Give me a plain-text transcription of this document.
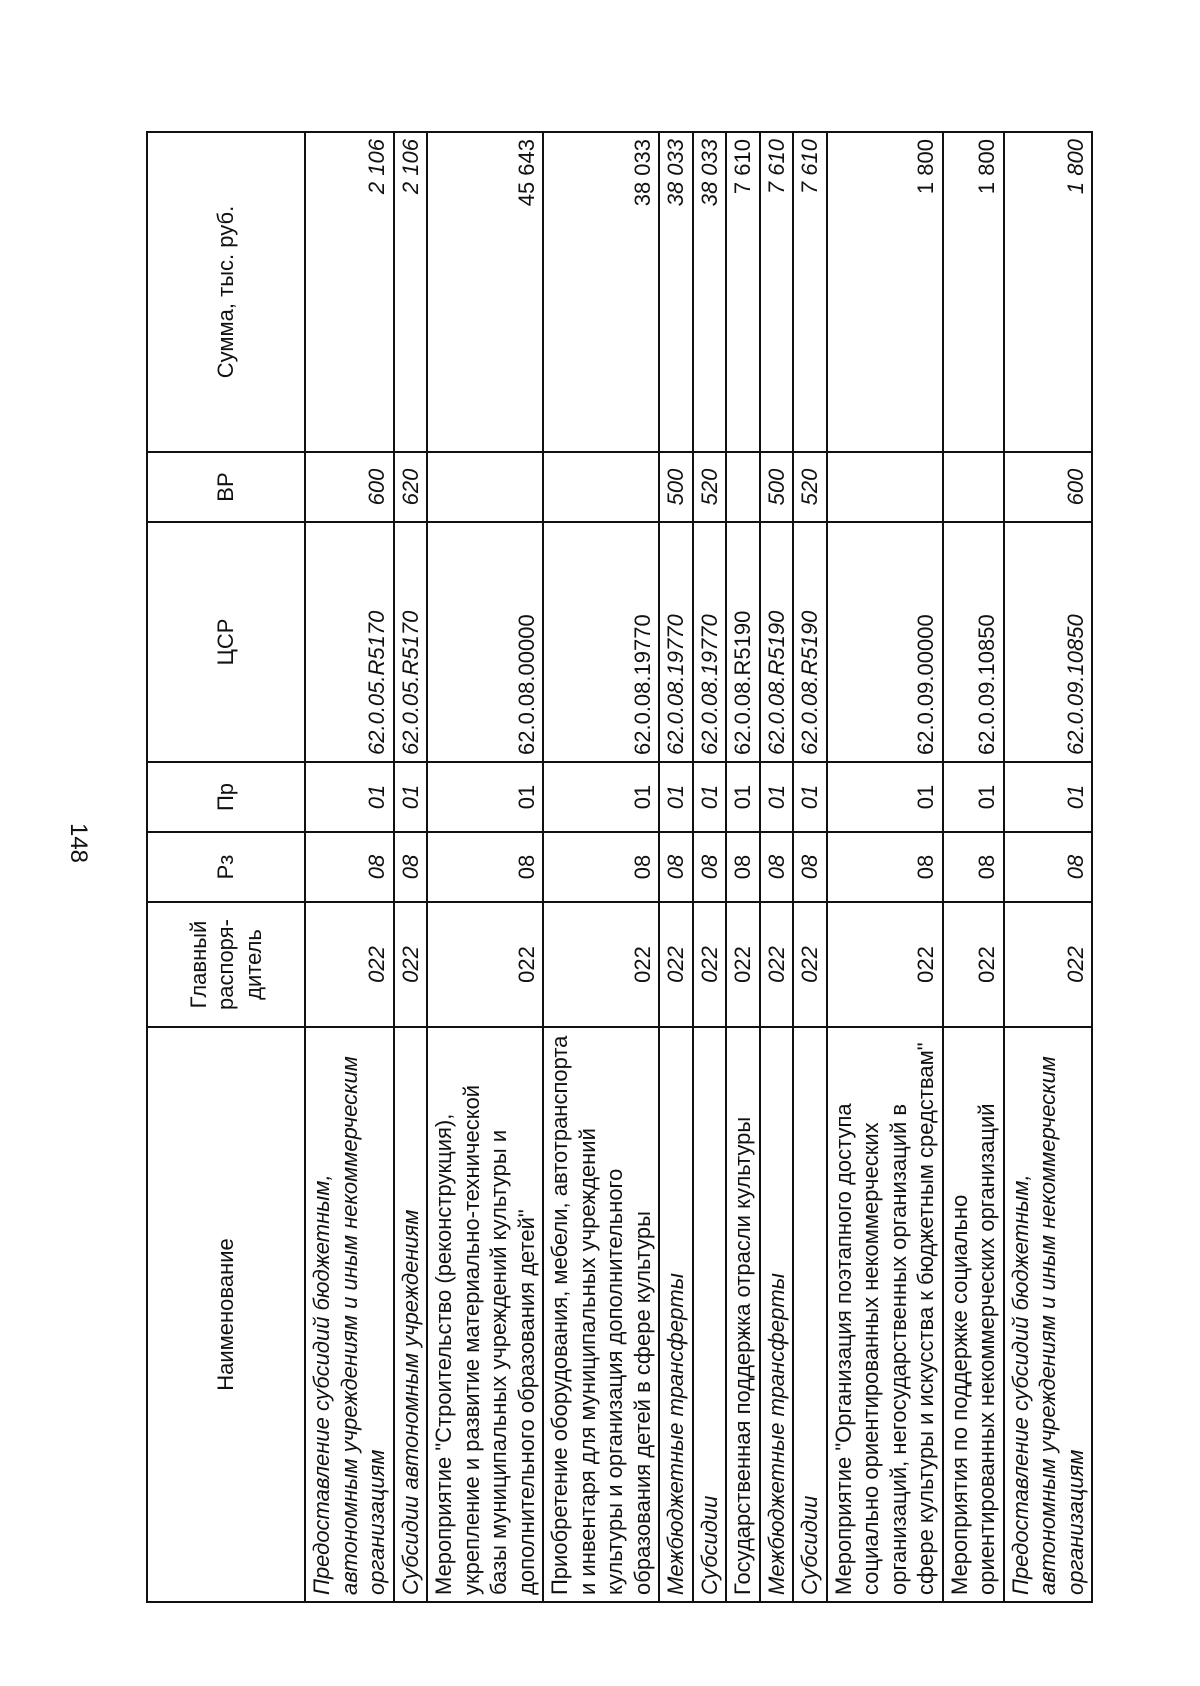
148
Наименование	Главный распоря-дитель	Рз	Пр	ЦСР	ВР	Сумма, тыс. руб.
Предоставление субсидий бюджетным, автономным учреждениям и иным некоммерческим организациям	022	08	01	62.0.05.R5170	600	2 106
Субсидии автономным учреждениям	022	08	01	62.0.05.R5170	620	2 106
Мероприятие "Строительство (реконструкция), укрепление и развитие материально-технической базы муниципальных учреждений культуры и дополнительного образования детей"	022	08	01	62.0.08.00000		45 643
Приобретение оборудования, мебели, автотранспорта и инвентаря для муниципальных учреждений культуры и организация дополнительного образования детей в сфере культуры	022	08	01	62.0.08.19770		38 033
Межбюджетные трансферты	022	08	01	62.0.08.19770	500	38 033
Субсидии	022	08	01	62.0.08.19770	520	38 033
Государственная поддержка отрасли культуры	022	08	01	62.0.08.R5190		7 610
Межбюджетные трансферты	022	08	01	62.0.08.R5190	500	7 610
Субсидии	022	08	01	62.0.08.R5190	520	7 610
Мероприятие "Организация поэтапного доступа социально ориентированных некоммерческих организаций, негосударственных организаций в сфере культуры и искусства к бюджетным средствам"	022	08	01	62.0.09.00000		1 800
Мероприятия по поддержке социально ориентированных некоммерческих организаций	022	08	01	62.0.09.10850		1 800
Предоставление субсидий бюджетным, автономным учреждениям и иным некоммерческим организациям	022	08	01	62.0.09.10850	600	1 800
